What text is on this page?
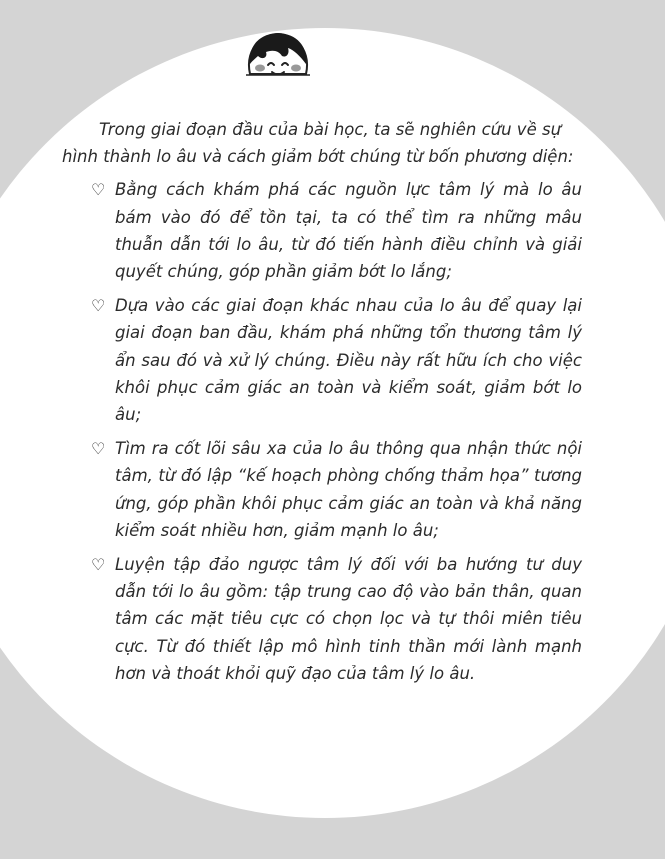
Trong giai đoạn đầu của bài học, ta sẽ nghiên cứu về sự hình thành lo âu và cách giảm bớt chúng từ bốn phương diện:

♡ Bằng cách khám phá các nguồn lực tâm lý mà lo âu bám vào đó để tồn tại, ta có thể tìm ra những mâu thuẫn dẫn tới lo âu, từ đó tiến hành điều chỉnh và giải quyết chúng, góp phần giảm bớt lo lắng;
♡ Dựa vào các giai đoạn khác nhau của lo âu để quay lại giai đoạn ban đầu, khám phá những tổn thương tâm lý ẩn sau đó và xử lý chúng. Điều này rất hữu ích cho việc khôi phục cảm giác an toàn và kiểm soát, giảm bớt lo âu;
♡ Tìm ra cốt lõi sâu xa của lo âu thông qua nhận thức nội tâm, từ đó lập “kế hoạch phòng chống thảm họa” tương ứng, góp phần khôi phục cảm giác an toàn và khả năng kiểm soát nhiều hơn, giảm mạnh lo âu;
♡ Luyện tập đảo ngược tâm lý đối với ba hướng tư duy dẫn tới lo âu gồm: tập trung cao độ vào bản thân, quan tâm các mặt tiêu cực có chọn lọc và tự thôi miên tiêu cực. Từ đó thiết lập mô hình tinh thần mới lành mạnh hơn và thoát khỏi quỹ đạo của tâm lý lo âu.
